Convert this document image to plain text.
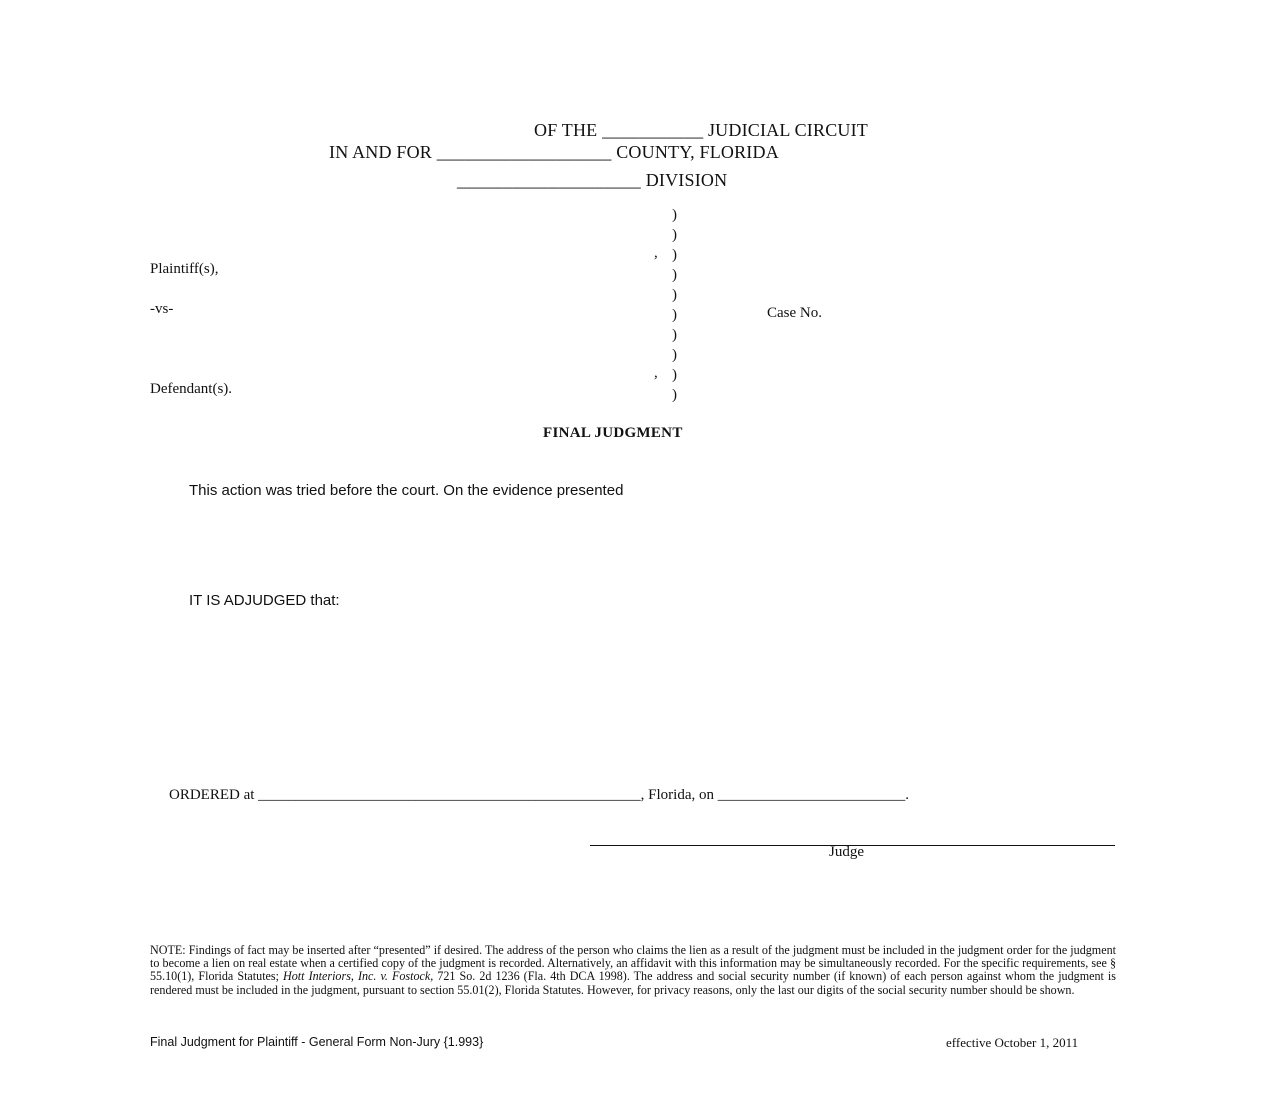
OF THE ___________ JUDICIAL CIRCUIT
IN AND FOR ___________________ COUNTY, FLORIDA
____________________ DIVISION
)
)
)
)
)
)
)
)
)
)
,
,
Plaintiff(s),
-vs-
Defendant(s).
Case No.
FINAL JUDGMENT
This action was tried before the court. On the evidence presented
IT IS ADJUDGED that:
ORDERED at ___________________________________________________, Florida, on _________________________.
Judge
NOTE: Findings of fact may be inserted after “presented” if desired. The address of the person who claims the lien as a result of the judgment must be included in the judgment order for the judgment to become a lien on real estate when a certified copy of the judgment is recorded. Alternatively, an affidavit with this information may be simultaneously recorded. For the specific requirements, see § 55.10(1), Florida Statutes; Hott Interiors, Inc. v. Fostock, 721 So. 2d 1236 (Fla. 4th DCA 1998). The address and social security number (if known) of each person against whom the judgment is rendered must be included in the judgment, pursuant to section 55.01(2), Florida Statutes. However, for privacy reasons, only the last our digits of the social security number should be shown.
Final Judgment for Plaintiff - General Form Non-Jury {1.993}	effective October 1, 2011
